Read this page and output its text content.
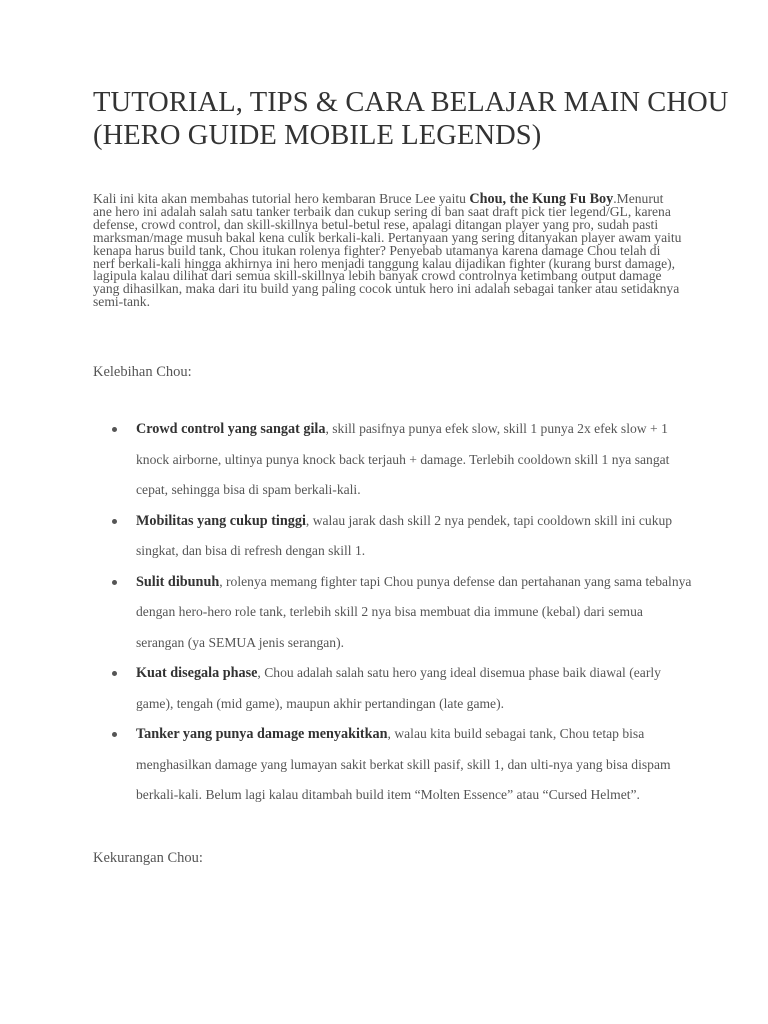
TUTORIAL, TIPS & CARA BELAJAR MAIN CHOU (HERO GUIDE MOBILE LEGENDS)

Kali ini kita akan membahas tutorial hero kembaran Bruce Lee yaitu Chou, the Kung Fu Boy.Menurut ane hero ini adalah salah satu tanker terbaik dan cukup sering di ban saat draft pick tier legend/GL, karena defense, crowd control, dan skill-skillnya betul-betul rese, apalagi ditangan player yang pro, sudah pasti marksman/mage musuh bakal kena culik berkali-kali. Pertanyaan yang sering ditanyakan player awam yaitu kenapa harus build tank, Chou itukan rolenya fighter? Penyebab utamanya karena damage Chou telah di nerf berkali-kali hingga akhirnya ini hero menjadi tanggung kalau dijadikan fighter (kurang burst damage), lagipula kalau dilihat dari semua skill-skillnya lebih banyak crowd controlnya ketimbang output damage yang dihasilkan, maka dari itu build yang paling cocok untuk hero ini adalah sebagai tanker atau setidaknya semi-tank.

Kelebihan Chou:

Crowd control yang sangat gila, skill pasifnya punya efek slow, skill 1 punya 2x efek slow + 1 knock airborne, ultinya punya knock back terjauh + damage. Terlebih cooldown skill 1 nya sangat cepat, sehingga bisa di spam berkali-kali.
Mobilitas yang cukup tinggi, walau jarak dash skill 2 nya pendek, tapi cooldown skill ini cukup singkat, dan bisa di refresh dengan skill 1.
Sulit dibunuh, rolenya memang fighter tapi Chou punya defense dan pertahanan yang sama tebalnya dengan hero-hero role tank, terlebih skill 2 nya bisa membuat dia immune (kebal) dari semua serangan (ya SEMUA jenis serangan).
Kuat disegala phase, Chou adalah salah satu hero yang ideal disemua phase baik diawal (early game), tengah (mid game), maupun akhir pertandingan (late game).
Tanker yang punya damage menyakitkan, walau kita build sebagai tank, Chou tetap bisa menghasilkan damage yang lumayan sakit berkat skill pasif, skill 1, dan ulti-nya yang bisa dispam berkali-kali. Belum lagi kalau ditambah build item “Molten Essence” atau “Cursed Helmet”.

Kekurangan Chou:
